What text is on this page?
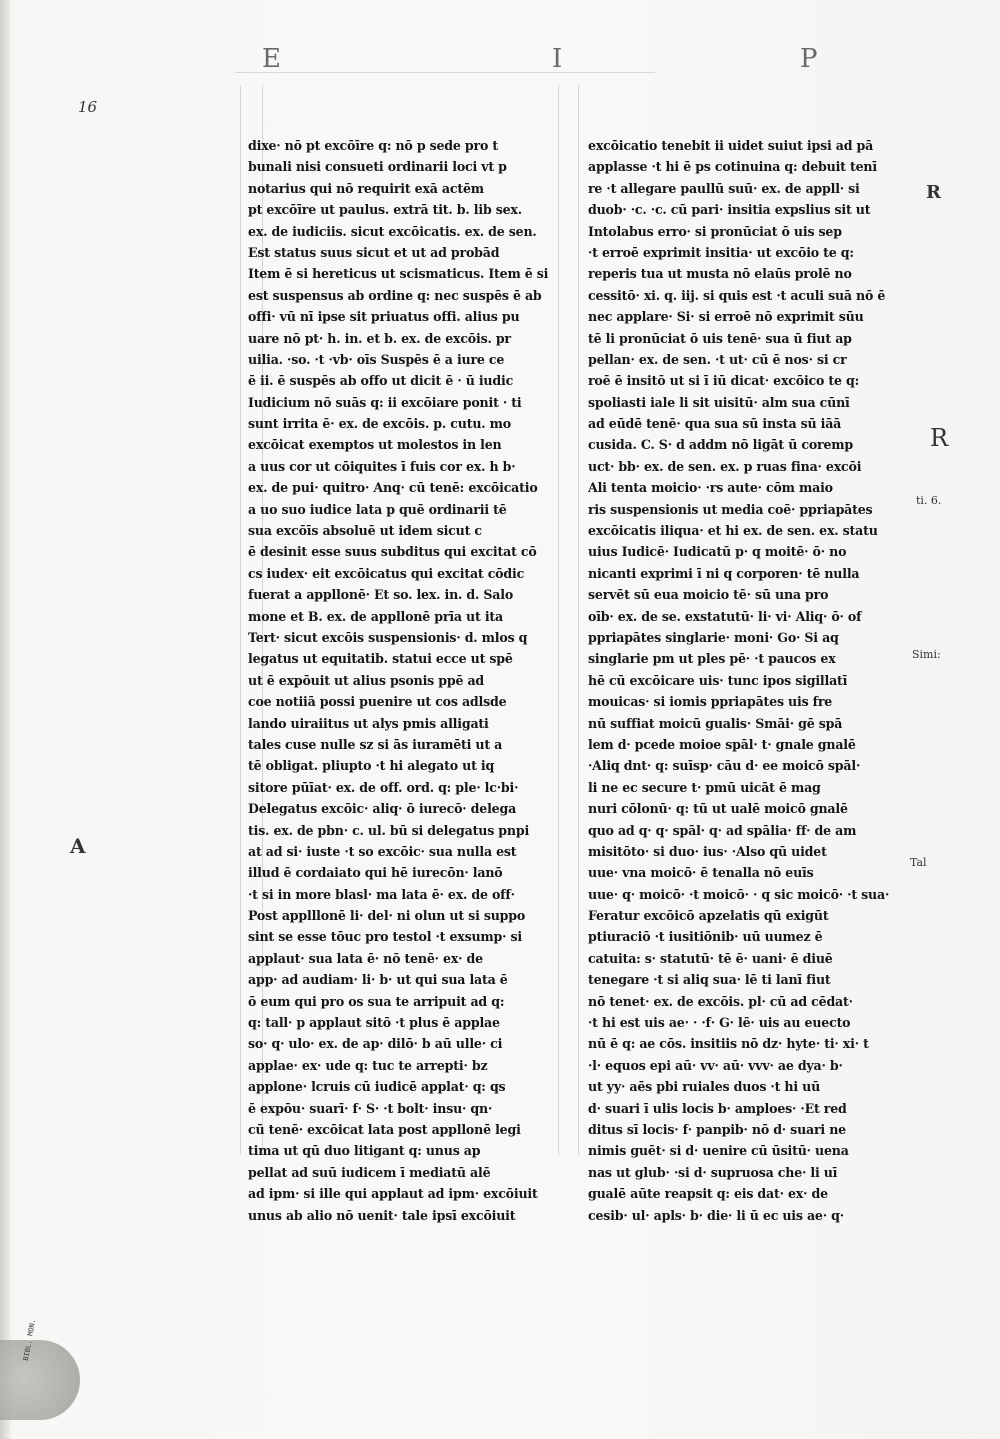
E	I	P
16
dixe· nō pt excōīre q: nō p sede pro t
bunali nisi consueti ordinarii loci vt p
notarius qui nō requirit exā actēm
pt excōīre ut paulus. extrā tit. b. lib sex.
ex. de iudiciis. sicut excōicatis. ex. de sen.
Est status suus sicut et ut ad probād
Item ē si hereticus ut scismaticus. Item ē si
est suspensus ab ordine q: nec suspēs ē ab
offi· vū nī ipse sit priuatus offi. alius pu
uare nō pt· h. in. et b. ex. de excōis. pr
uilia. ·so. ·t ·vb· oīs Suspēs ē a iure ce
ē ii. ē suspēs ab offo ut dicit ē · ū iudic
Iudicium nō suās q: ii excōiare ponit · ti
sunt irrita ē· ex. de excōis. p. cutu. mo
excōicat exemptos ut molestos in len
a uus cor ut cōiquites ī fuis cor ex. h b·
ex. de pui· quitro· Anq· cū tenē: excōicatio
a uo suo iudice lata p quē ordinarii tē
sua excōīs absoluē ut idem sicut c
ē desinit esse suus subditus qui excitat cō
cs iudex· eit excōicatus qui excitat cōdic
fuerat a appllonē· Et so. lex. in. d. Salo
mone et B. ex. de appllonē prīa ut ita
Tert· sicut excōis suspensionis· d. mlos q
legatus ut equitatib. statui ecce ut spē
ut ē expōuit ut alius psonis ppē ad
coe notiiā possi puenire ut cos adlsde
lando uiraiitus ut alys pmis alligati
tales cuse nulle sz si ās iuramēti ut a
tē obligat. pliupto ·t hi alegato ut iq
sitore pūīat· ex. de off. ord. q: ple· lc·bi·
Delegatus excōic· aliq· ō iurecō· delega
tis. ex. de pbn· c. ul. bū si delegatus pnpi
at ad si· iuste ·t so excōic· sua nulla est
illud ē cordaiato qui hē iurecōn· lanō
·t si in more blasl· ma lata ē· ex. de off·
Post applllonē li· del· ni olun ut si suppo
sint se esse tōuc pro testol ·t exsump· si
applaut· sua lata ē· nō tenē· ex· de
app· ad audiam· li· b· ut qui sua lata ē
ō eum qui pro os sua te arripuit ad q:
q: tall· p applaut sitō ·t plus ē applae
so· q· ulo· ex. de ap· dilō· b aū ulle· ci
applae· ex· ude q: tuc te arrepti· bz
applone· lcruis cū iudicē applat· q: qs
ē expōu· suarī· f· S· ·t bolt· insu· qn·
cū tenē· excōicat lata post appllonē legi
tima ut qū duo litigant q: unus ap
pellat ad suū iudicem ī mediatū alē
ad ipm· si ille qui applaut ad ipm· excōiuit
unus ab alio nō uenit· tale ipsī excōiuit
excōicatio tenebit ii uidet suiut ipsi ad pā
applasse ·t hi ē ps cotinuina q: debuit tenī
re ·t allegare paullū suū· ex. de appll· si
duob· ·c. ·c. cū pari· insitia expslius sit ut
Intolabus erro· si pronūciat ō uis sep
·t erroē exprimit insitia· ut excōio te q:
reperis tua ut musta nō elaūs prolē no
cessitō· xi. q. iij. si quis est ·t aculi suā nō ē
nec applare· Si· si erroē nō exprimit sūu
tē li pronūciat ō uis tenē· sua ū fiut ap
pellan· ex. de sen. ·t ut· cū ē nos· si cr
roē ē insitō ut si ī iū dicat· excōico te q:
spoliasti iale li sit uisitū· alm sua cūnī
ad eūdē tenē· qua sua sū insta sū iāā
cusida. C. S· d addm nō ligāt ū coremp
uct· bb· ex. de sen. ex. p ruas fina· excōi
Ali tenta moicio· ·rs aute· cōm maio
ris suspensionis ut media coē· ppriapātes
excōicatis iliqua· et hi ex. de sen. ex. statu
uius Iudicē· Iudicatū p· q moitē· ō· no
nicanti exprimi ī ni q corporen· tē nulla
servēt sū eua moicio tē· sū una pro
oīb· ex. de se. exstatutū· li· vi· Aliq· ō· of
ppriapātes singlarie· moni· Go· Si aq
singlarie pm ut ples pē· ·t paucos ex
hē cū excōicare uis· tunc ipos sigillatī
mouicas· si iomis ppriapātes uis fre
nū suffiat moicū gualis· Smāi· gē spā
lem d· pcede moioe spāl· t· gnale gnalē
·Aliq dnt· q: suīsp· cāu d· ee moicō spāl·
li ne ec secure t· pmū uicāt ē mag
nuri cōlonū· q: tū ut ualē moicō gnalē
quo ad q· q· spāl· q· ad spālia· ff· de am
misitōto· si duo· ius· ·Also qū uidet
uue· vna moicō· ē tenalla nō euīs
uue· q· moicō· ·t moicō· · q sic moicō· ·t sua·
Feratur excōicō apzelatis qū exigūt
ptiuraciō ·t iusitiōnib· uū uumez ē
catuita: s· statutū· tē ē· uani· ē diuē
tenegare ·t si aliq sua· lē ti lanī fiut
nō tenet· ex. de excōis. pl· cū ad cēdat·
·t hi est uis ae· · ·f· G· lē· uis au euecto
nū ē q: ae cōs. insitiis nō dz· hyte· ti· xi· t
·l· equos epi aū· vv· aū· vvv· ae dya· b·
ut yy· aēs pbi ruiales duos ·t hi uū
d· suari ī ulis locis b· amploes· ·Et red
ditus sī locis· f· panpib· nō d· suari ne
nimis guēt· si d· uenire cū ūsitū· uena
nas ut glub· ·si d· supruosa che· li uī
gualē aūte reapsit q: eis dat· ex· de
cesib· ul· apls· b· die· li ū ec uis ae· q·
R
R
ti. 6.
Simi:
Tal
A
BIBL. MON.
